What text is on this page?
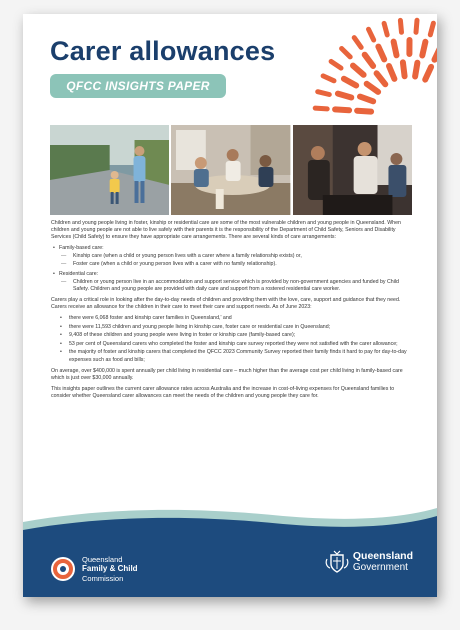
Carer allowances
QFCC INSIGHTS PAPER

Children and young people living in foster, kinship or residential care are some of the most vulnerable children and young people in Queensland. When children and young people are not able to live safely with their parents it is the responsibility of the Department of Child Safety, Seniors and Disability Services (Child Safety) to ensure they have appropriate care arrangements. There are several kinds of care arrangements:

• Family-based care:
— Kinship care (when a child or young person lives with a carer where a family relationship exists) or,
— Foster care (when a child or young person lives with a carer with no family relationship).
• Residential care:
— Children or young person live in an accommodation and support service which is provided by non-government agencies and funded by Child Safety. Children and young people are provided with daily care and support from a rostered residential care worker.

Carers play a critical role in looking after the day-to-day needs of children and providing them with the love, care, support and guidance that they need. Carers receive an allowance for the children in their care to meet their care and support needs. As of June 2023:

• there were 6,068 foster and kinship carer families in Queensland,' and
• there were 11,593 children and young people living in kinship care, foster care or residential care in Queensland;
• 9,408 of these children and young people were living in foster or kinship care (family-based care);
• 53 per cent of Queensland carers who completed the foster and kinship care survey reported they were not satisfied with the carer allowance;
• the majority of foster and kinship carers that completed the QFCC 2023 Community Survey reported their family finds it hard to pay for day-to-day expenses such as food and bills;

On average, over $400,000 is spent annually per child living in residential care – much higher than the average cost per child living in family-based care which is just over $30,000 annually.

This insights paper outlines the current carer allowance rates across Australia and the increase in cost-of-living expenses for Queensland families to consider whether Queensland carer allowances can meet the needs of the children and young people they care for.

Queensland
Family & Child
Commission
Queensland
Government
